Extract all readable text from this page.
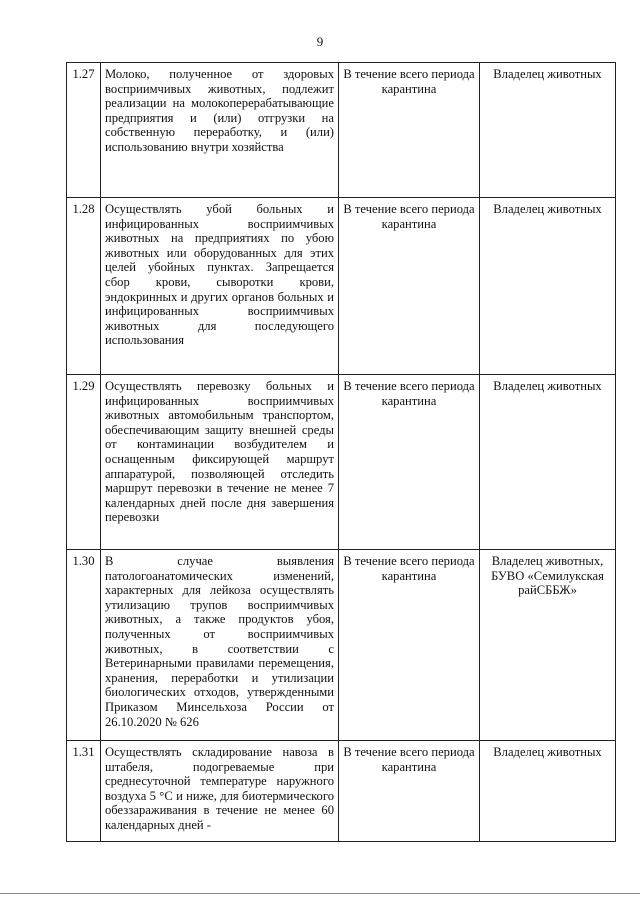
9
1.27	Молоко, полученное от здоровых восприимчивых животных, подлежит реализации на молокоперерабатывающие предприятия и (или) отгрузки на собственную переработку, и (или) использованию внутри хозяйства	В течение всего периода карантина	Владелец животных
1.28	Осуществлять убой больных и инфицированных восприимчивых животных на предприятиях по убою животных или оборудованных для этих целей убойных пунктах. Запрещается сбор крови, сыворотки крови, эндокринных и других органов больных и инфицированных восприимчивых животных для последующего использования	В течение всего периода карантина	Владелец животных
1.29	Осуществлять перевозку больных и инфицированных восприимчивых животных автомобильным транспортом, обеспечивающим защиту внешней среды от контаминации возбудителем и оснащенным фиксирующей маршрут аппаратурой, позволяющей отследить маршрут перевозки в течение не менее 7 календарных дней после дня завершения перевозки	В течение всего периода карантина	Владелец животных
1.30	В случае выявления патологоанатомических изменений, характерных для лейкоза осуществлять утилизацию трупов восприимчивых животных, а также продуктов убоя, полученных от восприимчивых животных, в соответствии с Ветеринарными правилами перемещения, хранения, переработки и утилизации биологических отходов, утвержденными Приказом Минсельхоза России от 26.10.2020 № 626	В течение всего периода карантина	Владелец животных, БУВО «Семилукская райСББЖ»
1.31	Осуществлять складирование навоза в штабеля, подогреваемые при среднесуточной температуре наружного воздуха 5 °С и ниже, для биотермического обеззараживания в течение не менее 60 календарных дней -	В течение всего периода карантина	Владелец животных
